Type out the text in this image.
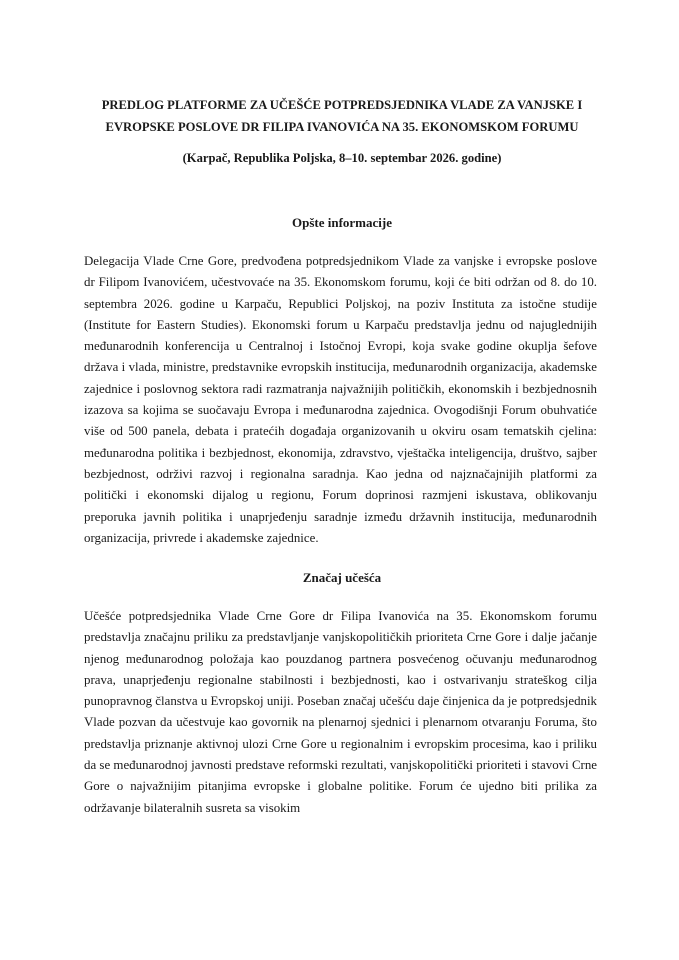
PREDLOG PLATFORME ZA UČEŠĆE POTPREDSJEDNIKA VLADE ZA VANJSKE I EVROPSKE POSLOVE DR FILIPA IVANOVIĆA NA 35. EKONOMSKOM FORUMU

(Karpač, Republika Poljska, 8–10. septembar 2026. godine)

Opšte informacije

Delegacija Vlade Crne Gore, predvođena potpredsjednikom Vlade za vanjske i evropske poslove dr Filipom Ivanovićem, učestvovaće na 35. Ekonomskom forumu, koji će biti održan od 8. do 10. septembra 2026. godine u Karpaču, Republici Poljskoj, na poziv Instituta za istočne studije (Institute for Eastern Studies). Ekonomski forum u Karpaču predstavlja jednu od najuglednijih međunarodnih konferencija u Centralnoj i Istočnoj Evropi, koja svake godine okuplja šefove država i vlada, ministre, predstavnike evropskih institucija, međunarodnih organizacija, akademske zajednice i poslovnog sektora radi razmatranja najvažnijih političkih, ekonomskih i bezbjednosnih izazova sa kojima se suočavaju Evropa i međunarodna zajednica. Ovogodišnji Forum obuhvatiće više od 500 panela, debata i pratećih događaja organizovanih u okviru osam tematskih cjelina: međunarodna politika i bezbjednost, ekonomija, zdravstvo, vještačka inteligencija, društvo, sajber bezbjednost, održivi razvoj i regionalna saradnja. Kao jedna od najznačajnijih platformi za politički i ekonomski dijalog u regionu, Forum doprinosi razmjeni iskustava, oblikovanju preporuka javnih politika i unaprjeđenju saradnje između državnih institucija, međunarodnih organizacija, privrede i akademske zajednice.

Značaj učešća

Učešće potpredsjednika Vlade Crne Gore dr Filipa Ivanovića na 35. Ekonomskom forumu predstavlja značajnu priliku za predstavljanje vanjskopolitičkih prioriteta Crne Gore i dalje jačanje njenog međunarodnog položaja kao pouzdanog partnera posvećenog očuvanju međunarodnog prava, unaprjeđenju regionalne stabilnosti i bezbjednosti, kao i ostvarivanju strateškog cilja punopravnog članstva u Evropskoj uniji. Poseban značaj učešću daje činjenica da je potpredsjednik Vlade pozvan da učestvuje kao govornik na plenarnoj sjednici i plenarnom otvaranju Foruma, što predstavlja priznanje aktivnoj ulozi Crne Gore u regionalnim i evropskim procesima, kao i priliku da se međunarodnoj javnosti predstave reformski rezultati, vanjskopolitički prioriteti i stavovi Crne Gore o najvažnijim pitanjima evropske i globalne politike. Forum će ujedno biti prilika za održavanje bilateralnih susreta sa visokim
